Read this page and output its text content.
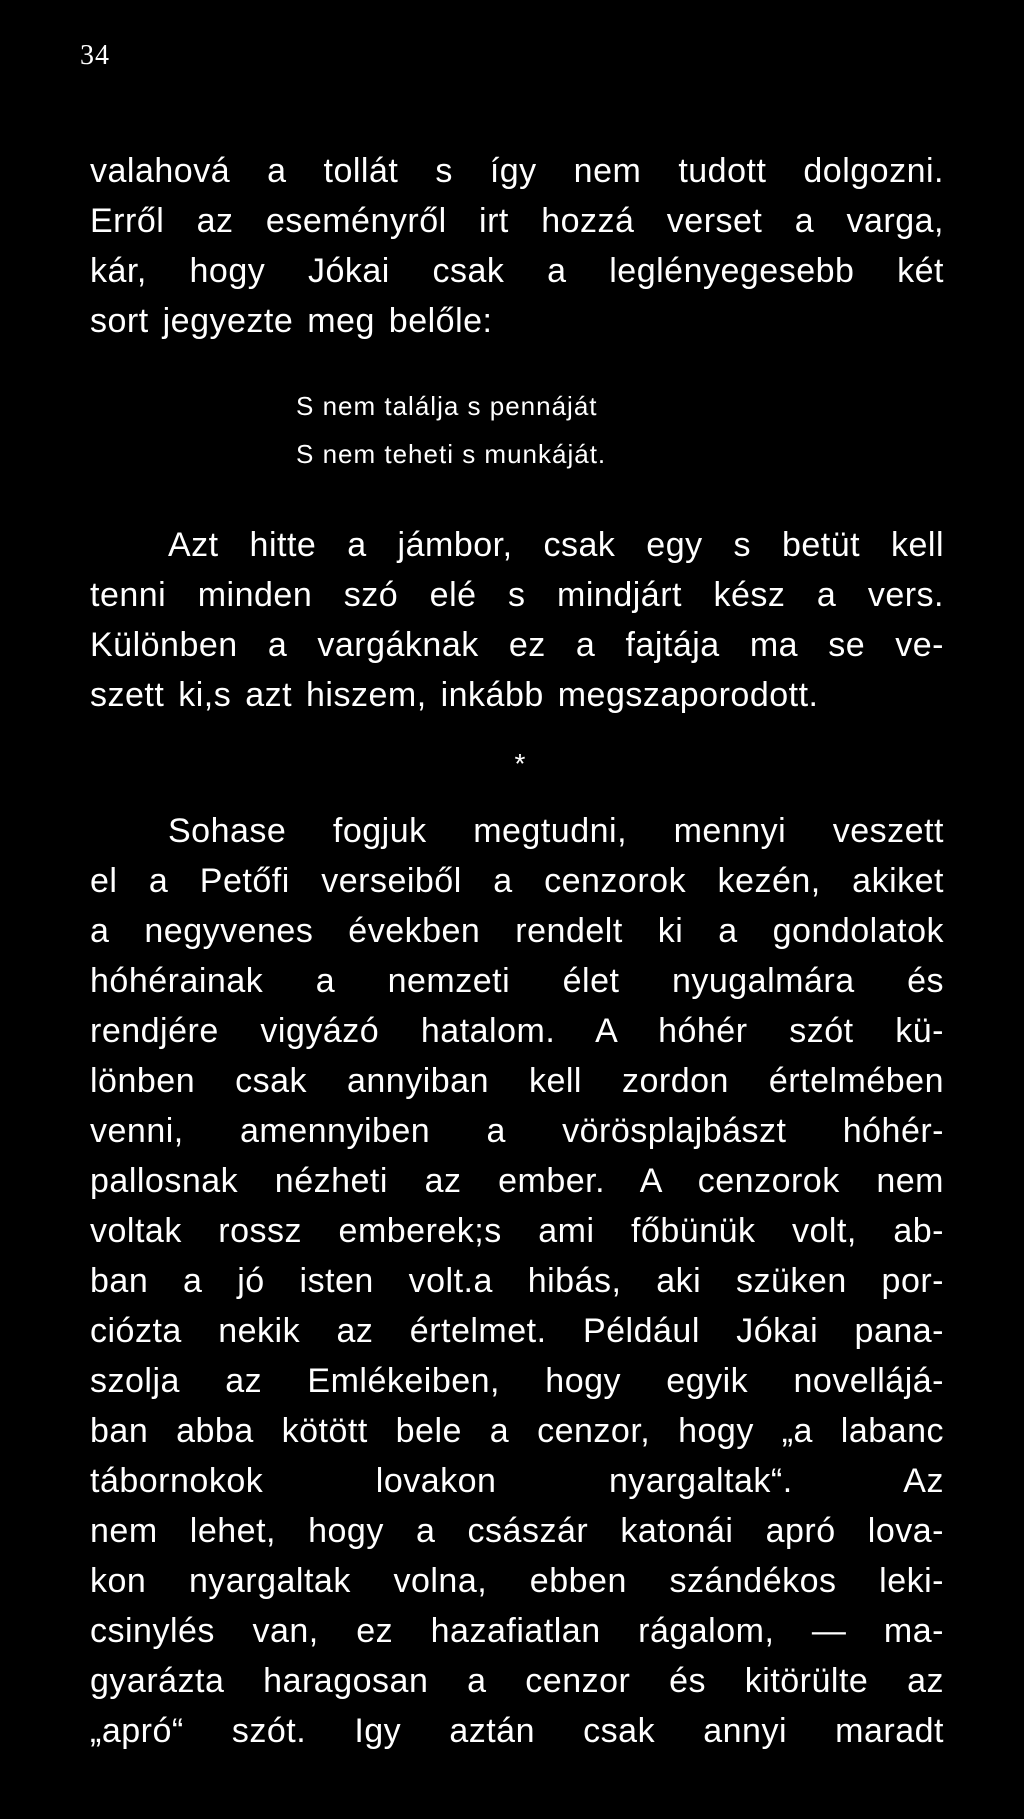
34
valahová a tollát s így nem tudott dolgozni.
Erről az eseményről irt hozzá verset a varga,
kár, hogy Jókai csak a leglényegesebb két
sort jegyezte meg belőle:
S nem találja s pennáját
S nem teheti s munkáját.
Azt hitte a jámbor, csak egy s betüt kell
tenni minden szó elé s mindjárt kész a vers.
Különben a vargáknak ez a fajtája ma se ve-
szett ki,s azt hiszem, inkább megszaporodott.
*
Sohase fogjuk megtudni, mennyi veszett
el a Petőfi verseiből a cenzorok kezén, akiket
a negyvenes években rendelt ki a gondolatok
hóhérainak a nemzeti élet nyugalmára és
rendjére vigyázó hatalom. A hóhér szót kü-
lönben csak annyiban kell zordon értelmében
venni, amennyiben a vörösplajbászt hóhér-
pallosnak nézheti az ember. A cenzorok nem
voltak rossz emberek;s ami főbünük volt, ab-
ban a jó isten volt.a hibás, aki szüken por-
ciózta nekik az értelmet. Például Jókai pana-
szolja az Emlékeiben, hogy egyik novellájá-
ban abba kötött bele a cenzor, hogy „a labanc
tábornokok lovakon nyargaltak“. Az
nem lehet, hogy a császár katonái apró lova-
kon nyargaltak volna, ebben szándékos leki-
csinylés van, ez hazafiatlan rágalom, — ma-
gyarázta haragosan a cenzor és kitörülte az
„apró“ szót. Igy aztán csak annyi maradt
